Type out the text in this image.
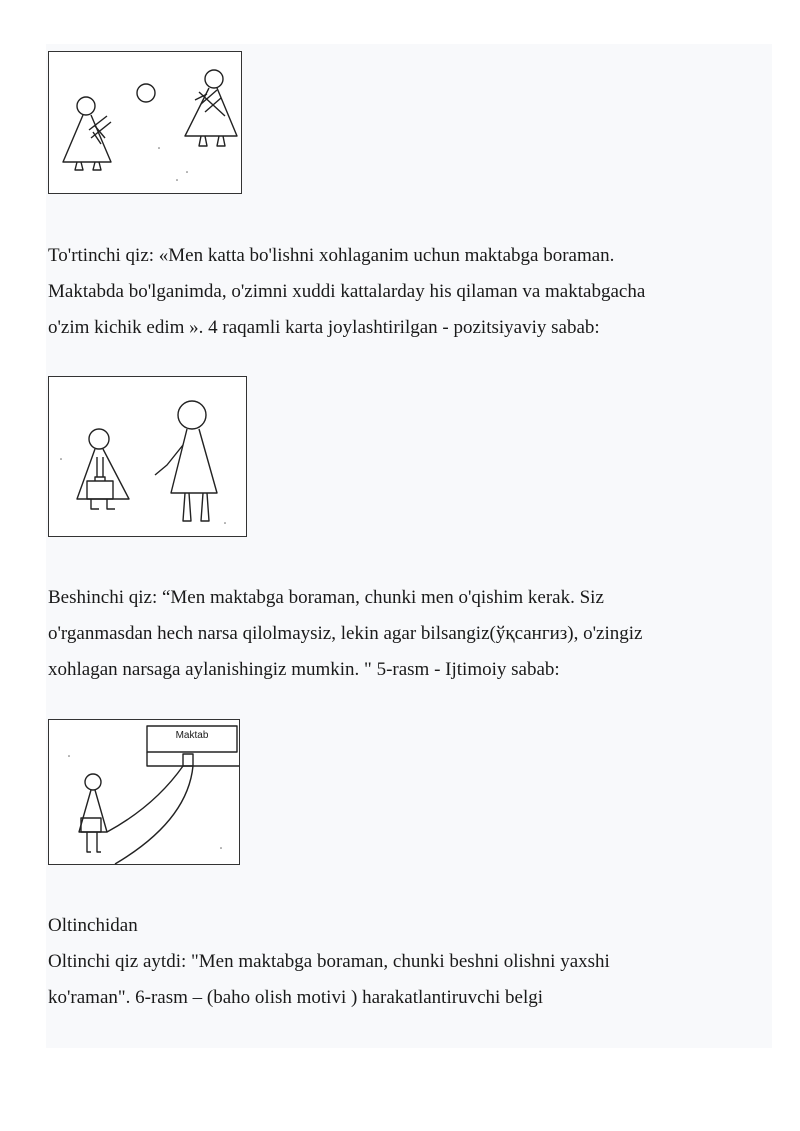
To'rtinchi qiz: «Men katta bo'lishni xohlaganim uchun maktabga boraman.
Maktabda bo'lganimda, o'zimni xuddi kattalarday his qilaman va maktabgacha
o'zim kichik edim ». 4 raqamli karta joylashtirilgan - pozitsiyaviy sabab:

Beshinchi qiz: “Men maktabga boraman, chunki men o'qishim kerak. Siz
o'rganmasdan hech narsa qilolmaysiz, lekin agar bilsangiz(ўқсангиз), o'zingiz
xohlagan narsaga aylanishingiz mumkin. " 5-rasm - Ijtimoiy sabab:

Maktab

Oltinchidan
Oltinchi qiz aytdi: "Men maktabga boraman, chunki beshni olishni yaxshi
ko'raman". 6-rasm – (baho olish motivi ) harakatlantiruvchi belgi
